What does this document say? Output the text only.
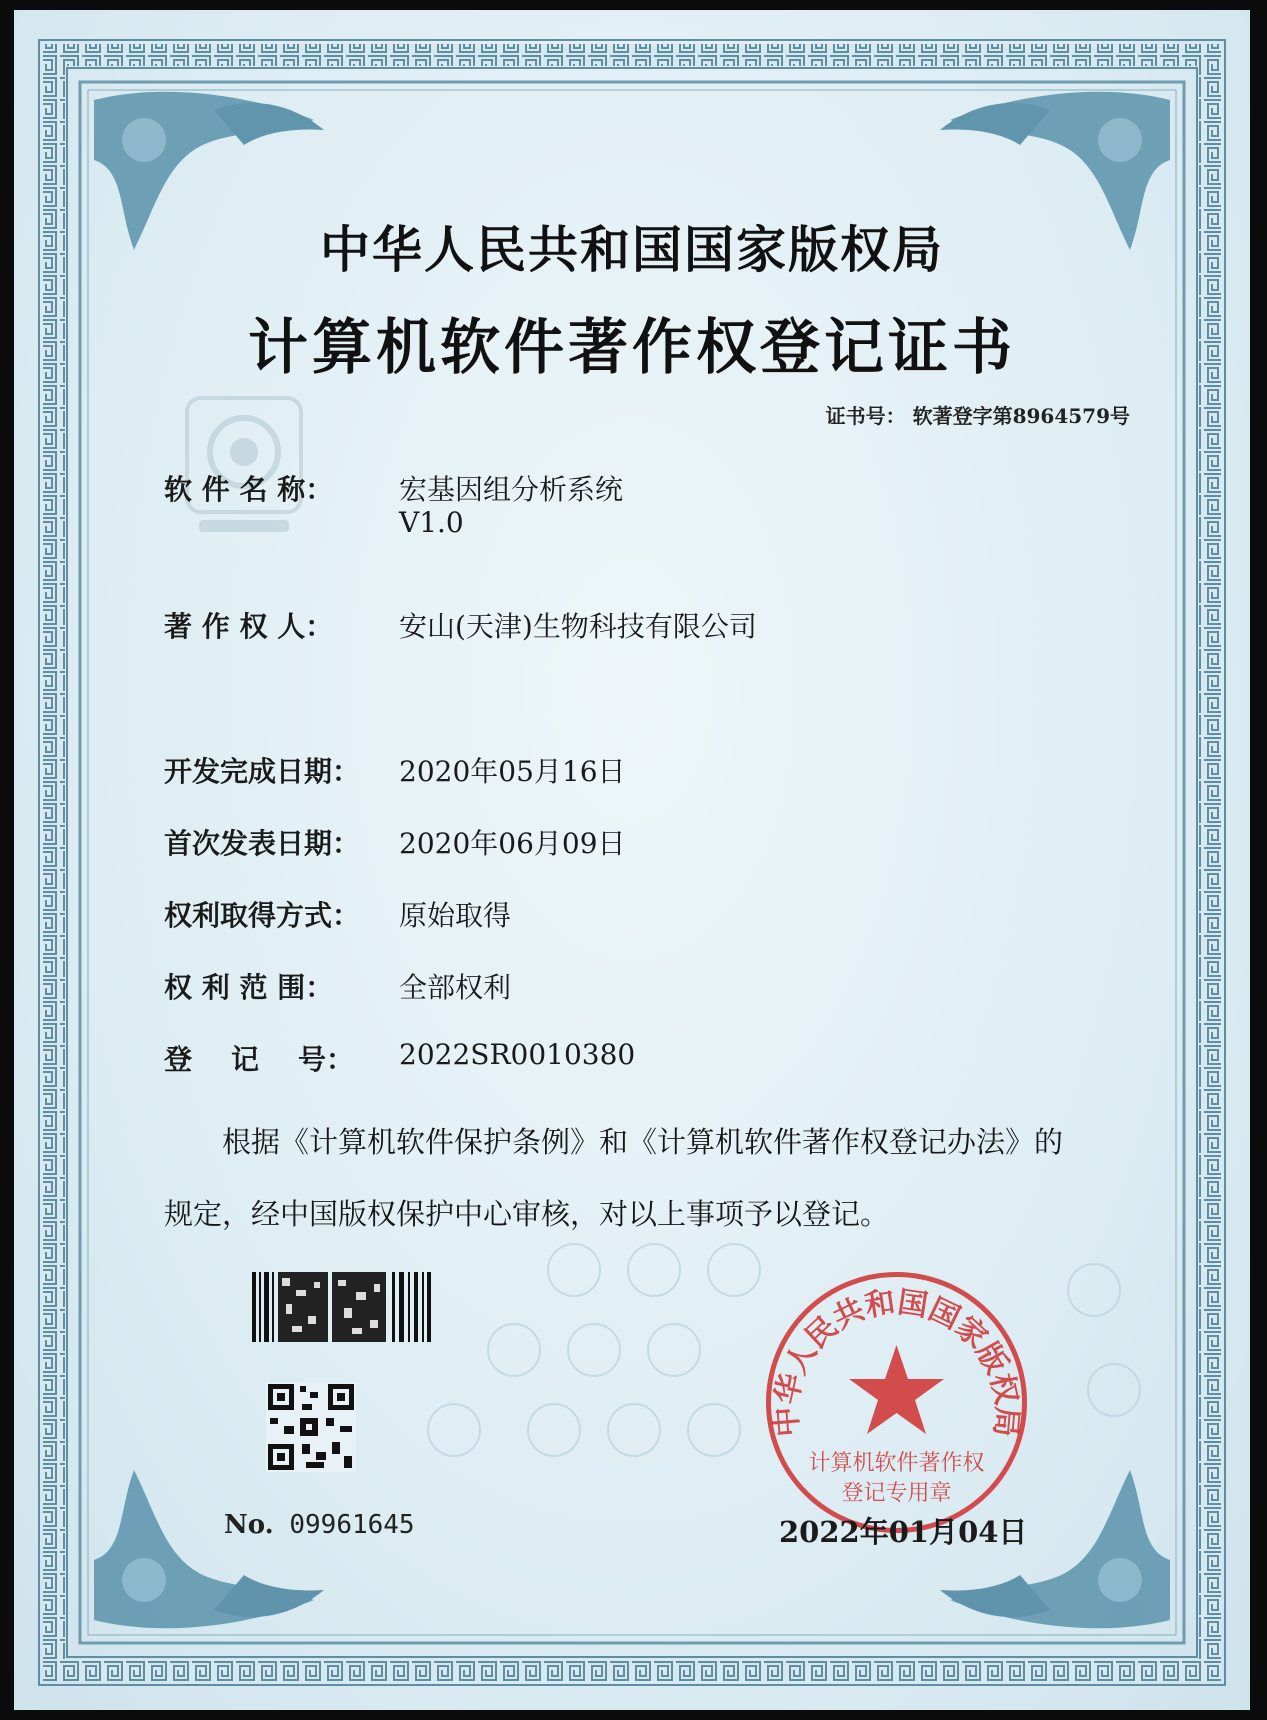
中华人民共和国国家版权局
计算机软件著作权登记证书
证书号： 软著登字第8964579号
软 件 名 称： 宏基因组分析系统
V1.0
著 作 权 人： 安山(天津)生物科技有限公司
开发完成日期： 2020年05月16日
首次发表日期： 2020年06月09日
权利取得方式： 原始取得
权 利 范 围： 全部权利
登    记    号： 2022SR0010380
根据《计算机软件保护条例》和《计算机软件著作权登记办法》的
规定，经中国版权保护中心审核，对以上事项予以登记。
中华人民共和国国家版权局
计算机软件著作权
登记专用章
No. 09961645	2022年01月04日
